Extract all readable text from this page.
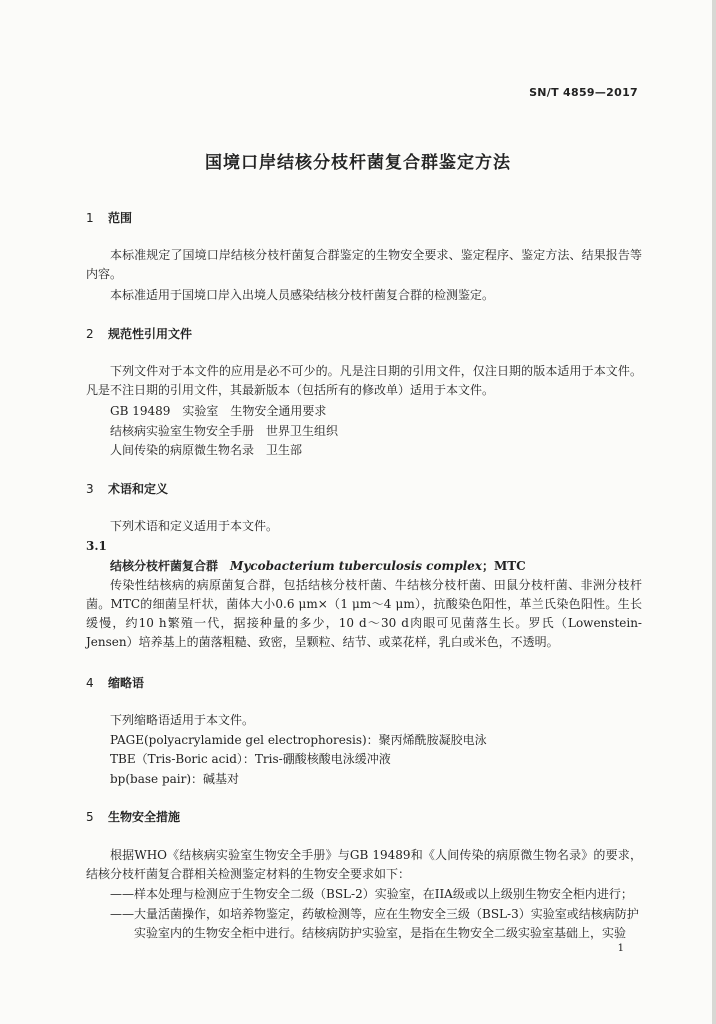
SN/T 4859—2017
国境口岸结核分枝杆菌复合群鉴定方法
1 范围
本标准规定了国境口岸结核分枝杆菌复合群鉴定的生物安全要求、鉴定程序、鉴定方法、结果报告等内容。
本标准适用于国境口岸入出境人员感染结核分枝杆菌复合群的检测鉴定。
2 规范性引用文件
下列文件对于本文件的应用是必不可少的。凡是注日期的引用文件，仅注日期的版本适用于本文件。凡是不注日期的引用文件，其最新版本（包括所有的修改单）适用于本文件。
GB 19489　实验室　生物安全通用要求
结核病实验室生物安全手册　世界卫生组织
人间传染的病原微生物名录　卫生部
3 术语和定义
下列术语和定义适用于本文件。
3.1
结核分枝杆菌复合群　 Mycobacterium tuberculosis complex；MTC
传染性结核病的病原菌复合群，包括结核分枝杆菌、牛结核分枝杆菌、田鼠分枝杆菌、非洲分枝杆菌。MTC的细菌呈杆状，菌体大小0.6 μm×（1 μm～4 μm），抗酸染色阳性，革兰氏染色阳性。生长缓慢，约10 h繁殖一代，据接种量的多少，10 d～30 d肉眼可见菌落生长。罗氏（Lowenstein-Jensen）培养基上的菌落粗糙、致密，呈颗粒、结节、或菜花样，乳白或米色，不透明。
4 缩略语
下列缩略语适用于本文件。
PAGE(polyacrylamide gel electrophoresis)：聚丙烯酰胺凝胶电泳
TBE（Tris-Boric acid）：Tris-硼酸核酸电泳缓冲液
bp(base pair)：碱基对
5 生物安全措施
根据WHO《结核病实验室生物安全手册》与GB 19489和《人间传染的病原微生物名录》的要求，结核分枝杆菌复合群相关检测鉴定材料的生物安全要求如下：
——样本处理与检测应于生物安全二级（BSL-2）实验室，在IIA级或以上级别生物安全柜内进行；
——大量活菌操作，如培养物鉴定，药敏检测等，应在生物安全三级（BSL-3）实验室或结核病防护
实验室内的生物安全柜中进行。结核病防护实验室，是指在生物安全二级实验室基础上，实验
1
